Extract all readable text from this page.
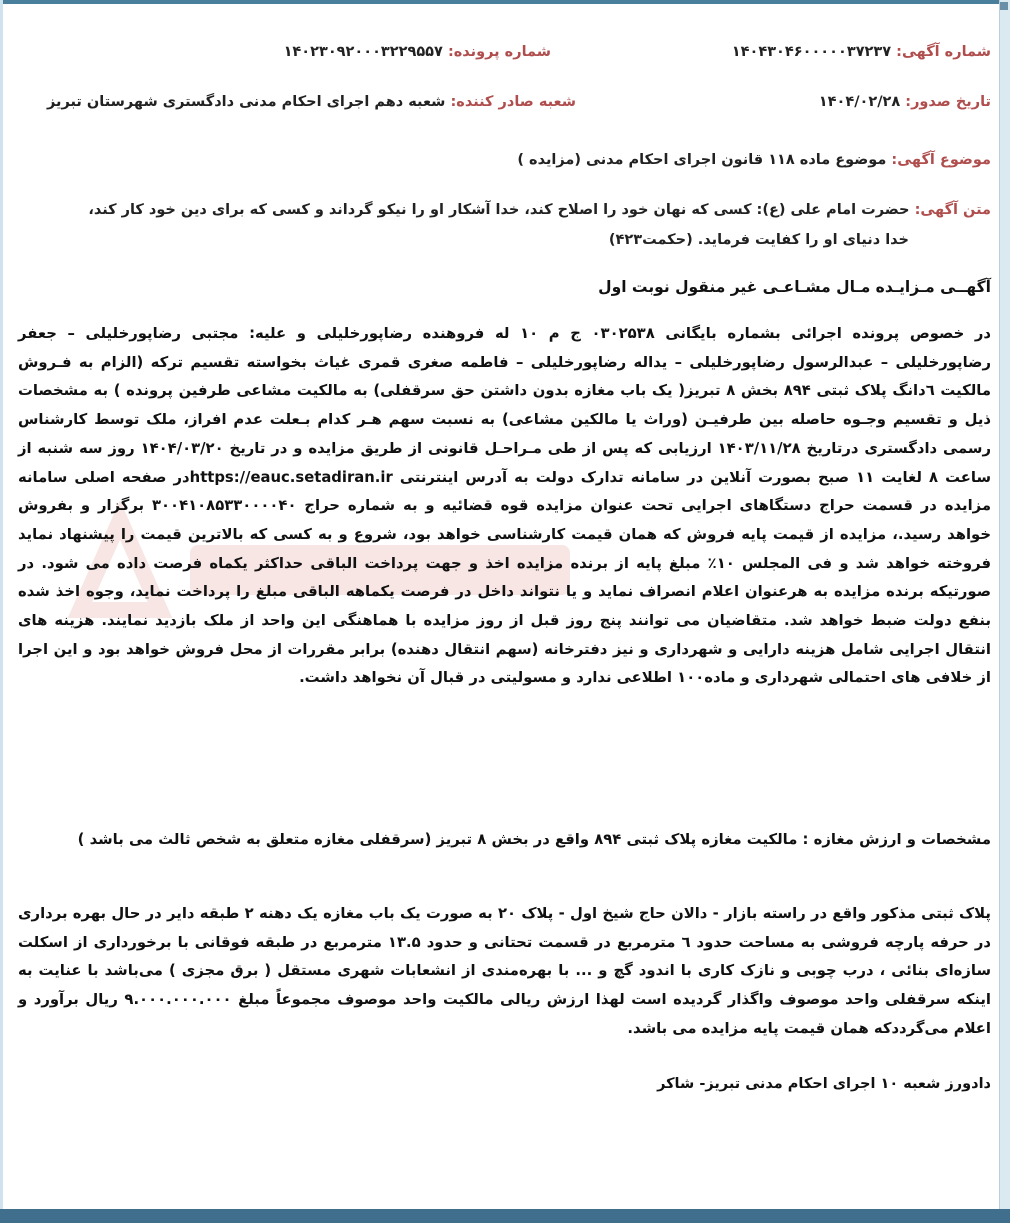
شماره آگهی: ۱۴۰۴۳۰۴۶۰۰۰۰۰۳۷۲۳۷
شماره پرونده: ۱۴۰۲۳۰۹۲۰۰۰۳۲۲۹۵۵۷
تاریخ صدور: ۱۴۰۴/۰۲/۲۸
شعبه صادر کننده: شعبه دهم اجرای احکام مدنی دادگستری شهرستان تبریز
موضوع آگهی: موضوع ماده ۱۱۸ قانون اجرای احکام مدنی (مزایده )
متن آگهی: حضرت امام علی (ع): کسی که نهان خود را اصلاح کند، خدا آشکار او را نیکو گرداند و کسی که برای دین خود کار کند،
خدا دنیای او را کفایت فرماید. (حکمت۴۲۳)
آگهــی مـزایـده مـال مشـاعـی غیر منقول نوبت اول
در خصوص پرونده اجرائی بشماره بایگانی ۰۳۰۲۵۳۸ ج م ۱۰ له فروهنده رضاپورخلیلی و علیه: مجتبی رضاپورخلیلی – جعفر رضاپورخلیلی – عبدالرسول رضاپورخلیلی – یداله رضاپورخلیلی – فاطمه صغری قمری غیاث بخواسته تقسیم ترکه (الزام به فـروش مالکیت ٦دانگ پلاک ثبتی ۸۹۴ بخش ۸ تبریز( یک باب مغازه بدون داشتن حق سرقفلی) به مالکیت مشاعی طرفین پرونده ) به مشخصات ذیل و تقسیم وجـوه حاصله بین طرفیـن (وراث یا مالکین مشاعی) به نسبت سهم هـر کدام بـعلت عدم افراز، ملک توسط کارشناس رسمی دادگستری درتاریخ ۱۴۰۳/۱۱/۲۸ ارزیابی که پس از طی مـراحـل قانونی از طریق مزایده و در تاریخ ۱۴۰۴/۰۳/۲۰ روز سه شنبه از ساعت ۸ لغایت ۱۱ صبح بصورت آنلاین در سامانه تدارک دولت به آدرس اینترنتی https://eauc.setadiran.irدر صفحه اصلی سامانه مزایده در قسمت حراج دستگاهای اجرایی تحت عنوان مزایده قوه قضائیه و به شماره حراج ۳۰۰۴۱۰۸۵۳۳۰۰۰۰۴۰ برگزار و بفروش خواهد رسید.، مزایده از قیمت پایه فروش که همان قیمت کارشناسی خواهد بود، شروع و به کسی که بالاترین قیمت را پیشنهاد نماید فروخته خواهد شد و فی المجلس ۱۰٪ مبلغ پایه از برنده مزایده اخذ و جهت پرداخت الباقی حداکثر یکماه فرصت داده می شود. در صورتیکه برنده مزایده به هرعنوان اعلام انصراف نماید و یا نتواند داخل در فرصت یکماهه الباقی مبلغ را پرداخت نماید، وجوه اخذ شده بنفع دولت ضبط خواهد شد. متقاضیان می توانند پنج روز قبل از روز مزایده با هماهنگی این واحد از ملک بازدید نمایند. هزینه های انتقال اجرایی شامل هزینه دارایی و شهرداری و نیز دفترخانه (سهم انتقال دهنده) برابر مقررات از محل فروش خواهد بود و این اجرا از خلافی های احتمالی شهرداری و ماده۱۰۰ اطلاعی ندارد و مسولیتی در قبال آن نخواهد داشت.
مشخصات و ارزش مغازه : مالکیت مغازه پلاک ثبتی ۸۹۴ واقع در بخش ۸ تبریز (سرقفلی مغازه متعلق به شخص ثالث می باشد )
پلاک ثبتی مذکور واقع در راسته بازار - دالان حاج شیخ اول - پلاک ۲۰ به صورت یک باب مغازه یک دهنه ۲ طبقه دایر در حال بهره برداری در حرفه پارچه فروشی به مساحت حدود ٦ مترمربع در قسمت تحتانی و حدود ۱۳.۵ مترمربع در طبقه فوقانی با برخورداری از اسکلت سازه‌ای بنائی ، درب چوبی و نازک کاری با اندود گچ و ... با بهره‌مندی از انشعابات شهری مستقل ( برق مجزی ) می‌باشد با عنایت به اینکه سرقفلی واحد موصوف واگذار گردیده است لهذا ارزش ریالی مالکیت واحد موصوف مجموعاً مبلغ ۹.۰۰۰.۰۰۰.۰۰۰ ریال برآورد و اعلام می‌گرددکه همان قیمت پایه مزایده می باشد.
دادورز شعبه ۱۰ اجرای احکام مدنی تبریز- شاکر
